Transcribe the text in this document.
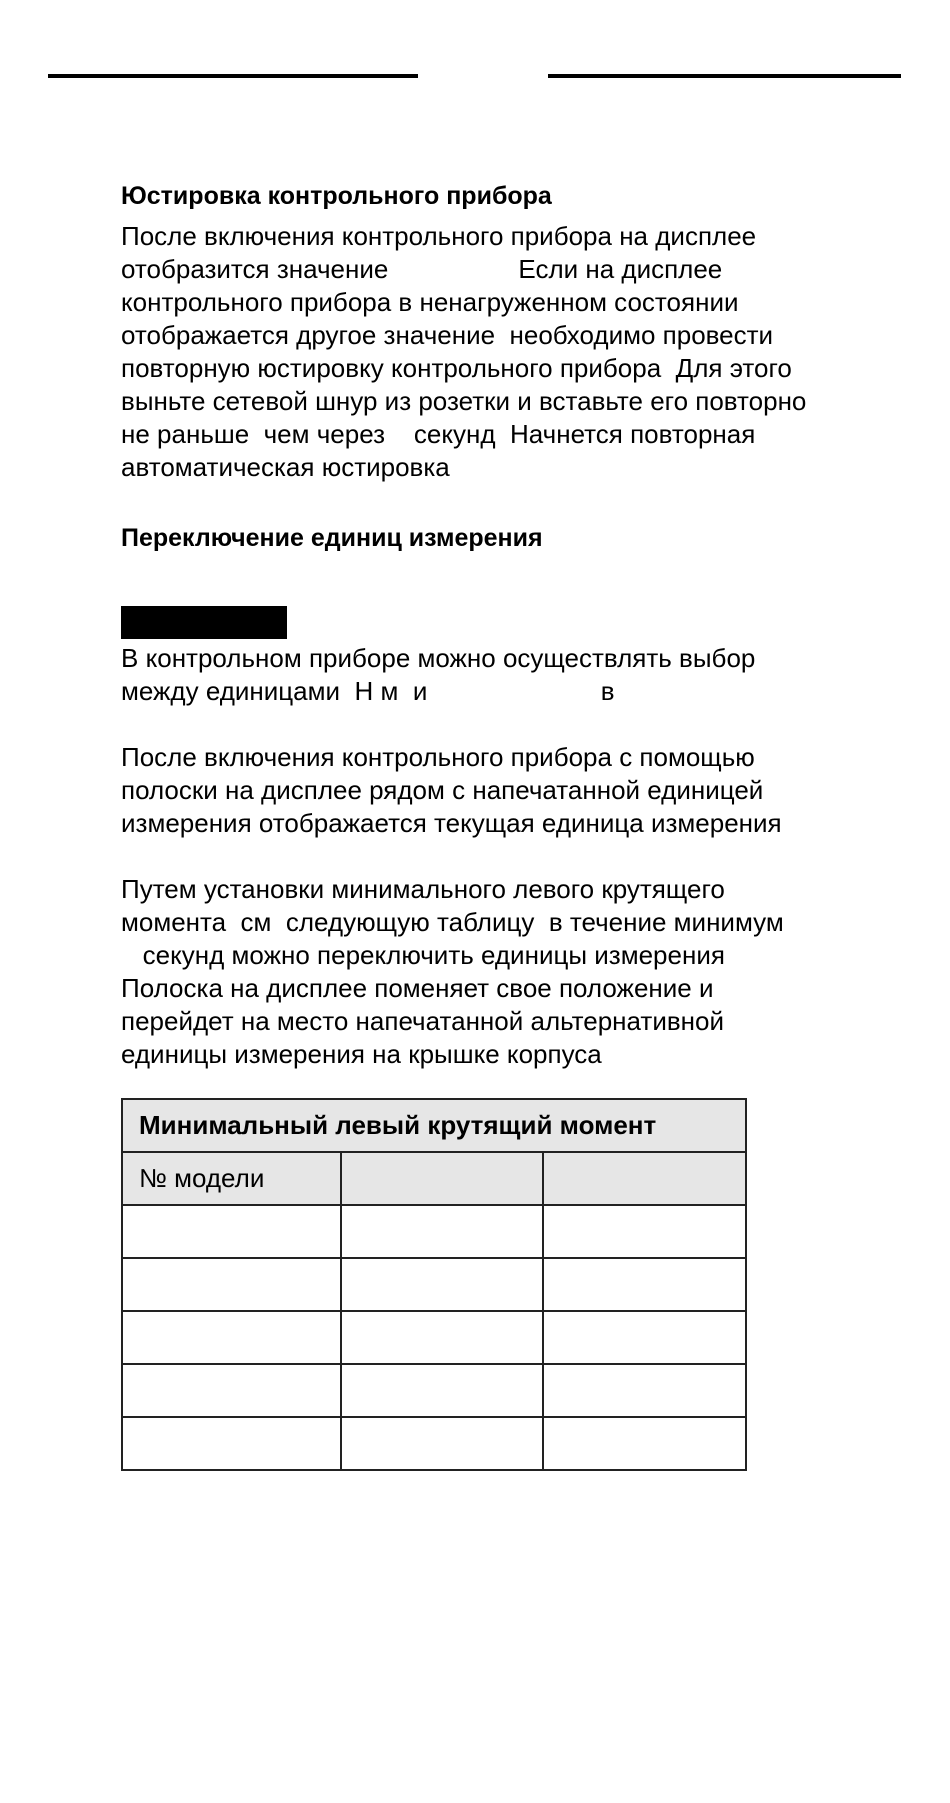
Юстировка контрольного прибора

После включения контрольного прибора на дисплее

отобразится значение                  Если на дисплее

контрольного прибора в ненагруженном состоянии

отображается другое значение  необходимо провести

повторную юстировку контрольного прибора  Для этого

выньте сетевой шнур из розетки и вставьте его повторно

не раньше  чем через    секунд  Начнется повторная

автоматическая юстировка

Переключение единиц измерения

В контрольном приборе можно осуществлять выбор

между единицами  Н м  и                        в

После включения контрольного прибора с помощью

полоски на дисплее рядом с напечатанной единицей

измерения отображается текущая единица измерения

Путем установки минимального левого крутящего

момента  см  следующую таблицу  в течение минимум

секунд можно переключить единицы измерения

Полоска на дисплее поменяет свое положение и

перейдет на место напечатанной альтернативной

единицы измерения на крышке корпуса

Минимальный левый крутящий момент		
№ модели		
